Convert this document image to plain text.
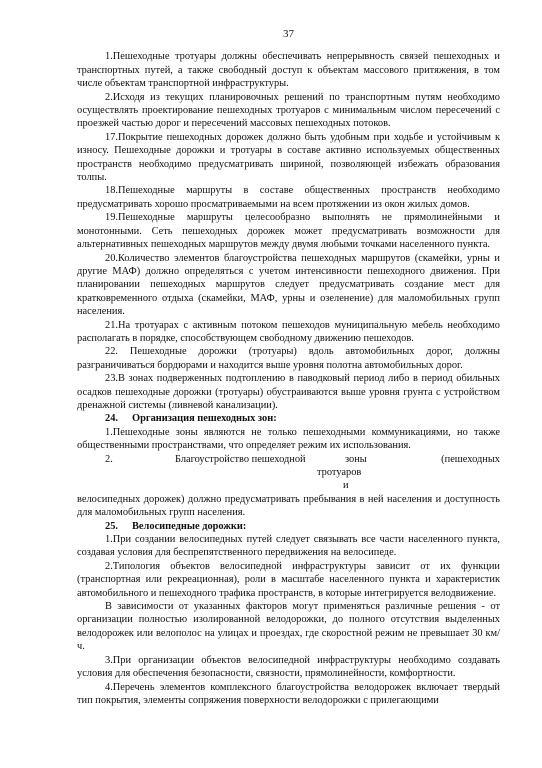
37

1.Пешеходные тротуары должны обеспечивать непрерывность связей пешеходных и транспортных путей, а также свободный доступ к объектам массового притяжения, в том числе объектам транспортной инфраструктуры.

2.Исходя из текущих планировочных решений по транспортным путям необходимо осуществлять проектирование пешеходных тротуаров с минимальным числом пересечений с проезжей частью дорог и пересечений массовых пешеходных потоков.

17.Покрытие пешеходных дорожек должно быть удобным при ходьбе и устойчивым к износу. Пешеходные дорожки и тротуары в составе активно используемых общественных пространств необходимо предусматривать шириной, позволяющей избежать образования толпы.

18.Пешеходные маршруты в составе общественных пространств необходимо предусматривать хорошо просматриваемыми на всем протяжении из окон жилых домов.

19.Пешеходные маршруты целесообразно выполнять не прямолинейными и монотонными. Сеть пешеходных дорожек может предусматривать возможности для альтернативных пешеходных маршрутов между двумя любыми точками населенного пункта.

20.Количество элементов благоустройства пешеходных маршрутов (скамейки, урны и другие МАФ) должно определяться с учетом интенсивности пешеходного движения. При планировании пешеходных маршрутов следует предусматривать создание мест для кратковременного отдыха (скамейки, МАФ, урны и озеленение) для маломобильных групп населения.

21.На тротуарах с активным потоком пешеходов муниципальную мебель необходимо располагать в порядке, способствующем свободному движению пешеходов.

22. Пешеходные дорожки (тротуары) вдоль автомобильных дорог, должны разграничиваться бордюрами и находится выше уровня полотна автомобильных дорог.

23.В зонах подверженных подтоплению в паводковый период либо в период обильных осадков пешеходные дорожки (тротуары) обустраиваются выше уровня грунта с устройством дренажной системы (ливневой канализации).

24. Организация пешеходных зон:

1.Пешеходные зоны являются не только пешеходными коммуникациями, но также общественными пространствами, что определяет режим их использования.

2.	Благоустройство пешеходной	зоны	(пешеходных
тротуаров
и

велосипедных дорожек) должно предусматривать пребывания в ней населения и доступность для маломобильных групп населения.

25. Велосипедные дорожки:

1.При создании велосипедных путей следует связывать все части населенного пункта, создавая условия для беспрепятственного передвижения на велосипеде.

2.Типология объектов велосипедной инфраструктуры зависит от их функции (транспортная или рекреационная), роли в масштабе населенного пункта и характеристик автомобильного и пешеходного трафика пространств, в которые интегрируется велодвижение.

В зависимости от указанных факторов могут применяться различные решения - от организации полностью изолированной велодорожки, до полного отсутствия выделенных велодорожек или велополос на улицах и проездах, где скоростной режим не превышает 30 км/ч.

3.При организации объектов велосипедной инфраструктуры необходимо создавать условия для обеспечения безопасности, связности, прямолинейности, комфортности.

4.Перечень элементов комплексного благоустройства велодорожек включает твердый тип покрытия, элементы сопряжения поверхности велодорожки с прилегающими
